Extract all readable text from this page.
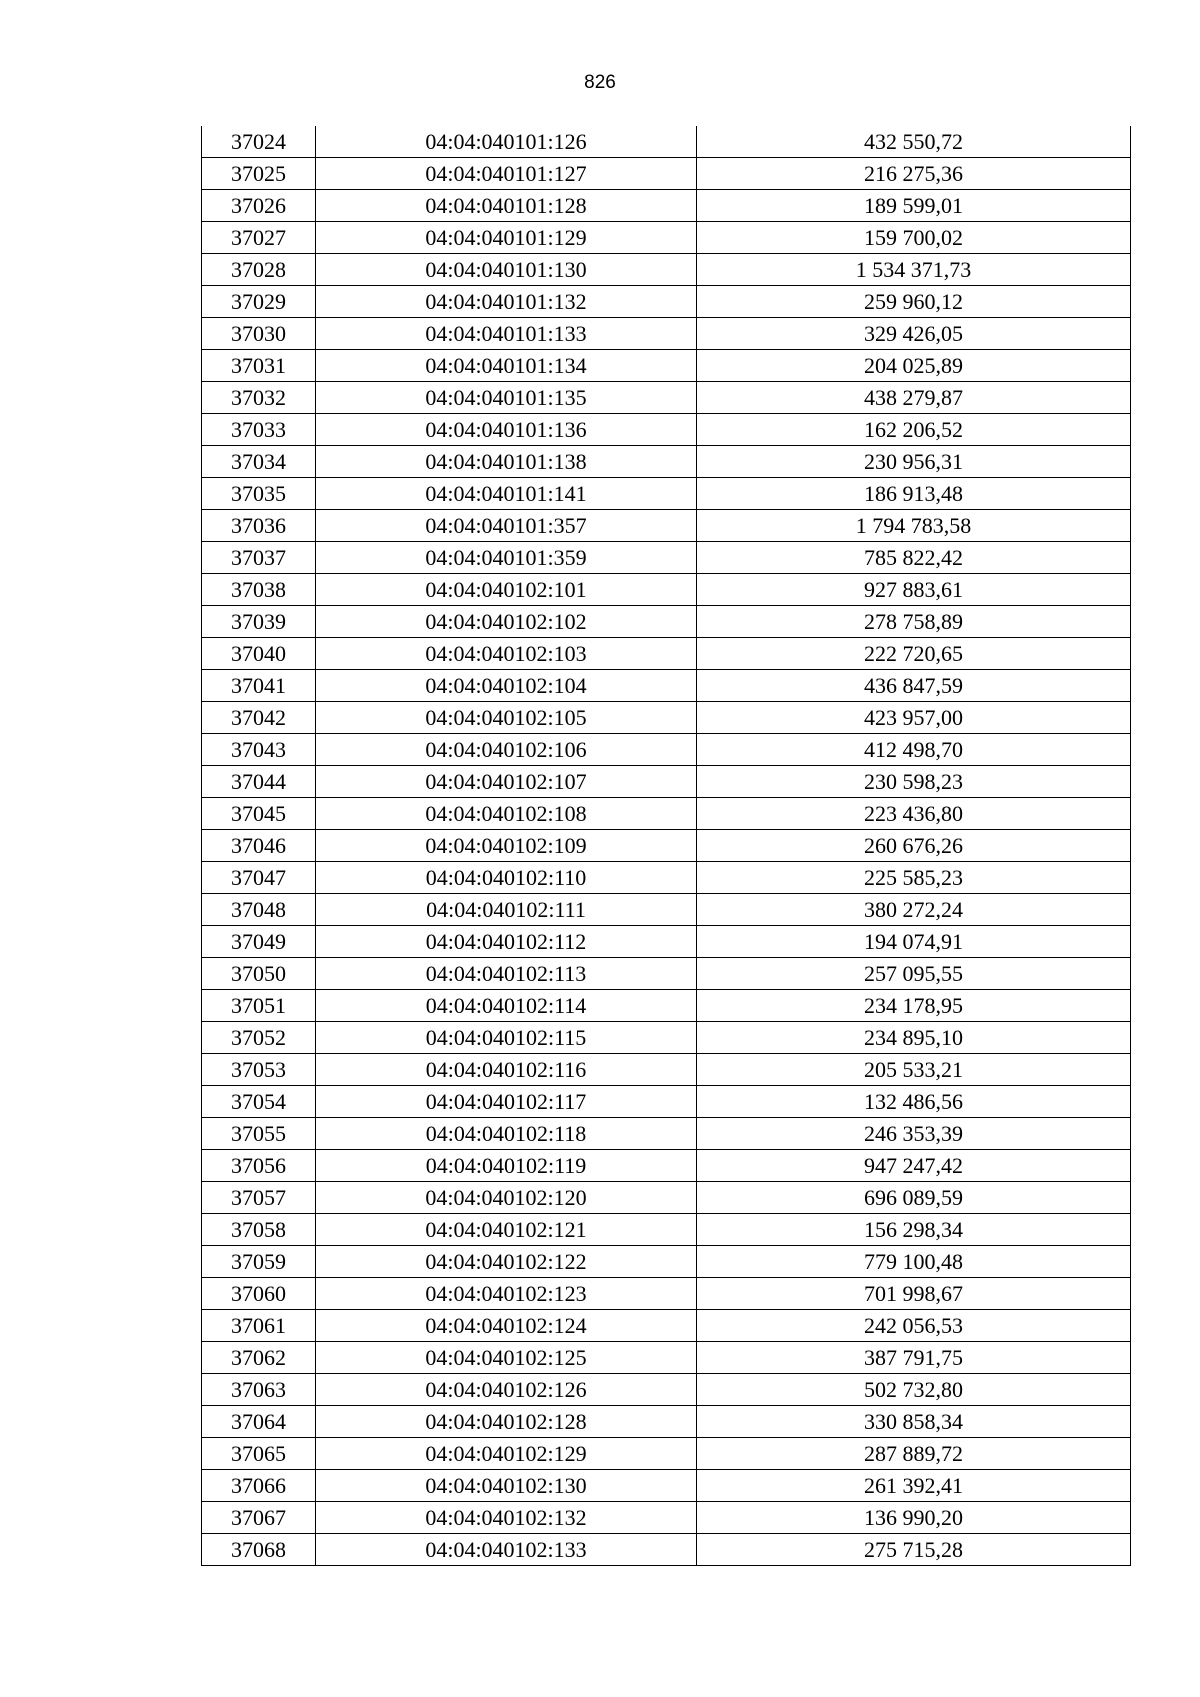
826
37024	04:04:040101:126	432 550,72
37025	04:04:040101:127	216 275,36
37026	04:04:040101:128	189 599,01
37027	04:04:040101:129	159 700,02
37028	04:04:040101:130	1 534 371,73
37029	04:04:040101:132	259 960,12
37030	04:04:040101:133	329 426,05
37031	04:04:040101:134	204 025,89
37032	04:04:040101:135	438 279,87
37033	04:04:040101:136	162 206,52
37034	04:04:040101:138	230 956,31
37035	04:04:040101:141	186 913,48
37036	04:04:040101:357	1 794 783,58
37037	04:04:040101:359	785 822,42
37038	04:04:040102:101	927 883,61
37039	04:04:040102:102	278 758,89
37040	04:04:040102:103	222 720,65
37041	04:04:040102:104	436 847,59
37042	04:04:040102:105	423 957,00
37043	04:04:040102:106	412 498,70
37044	04:04:040102:107	230 598,23
37045	04:04:040102:108	223 436,80
37046	04:04:040102:109	260 676,26
37047	04:04:040102:110	225 585,23
37048	04:04:040102:111	380 272,24
37049	04:04:040102:112	194 074,91
37050	04:04:040102:113	257 095,55
37051	04:04:040102:114	234 178,95
37052	04:04:040102:115	234 895,10
37053	04:04:040102:116	205 533,21
37054	04:04:040102:117	132 486,56
37055	04:04:040102:118	246 353,39
37056	04:04:040102:119	947 247,42
37057	04:04:040102:120	696 089,59
37058	04:04:040102:121	156 298,34
37059	04:04:040102:122	779 100,48
37060	04:04:040102:123	701 998,67
37061	04:04:040102:124	242 056,53
37062	04:04:040102:125	387 791,75
37063	04:04:040102:126	502 732,80
37064	04:04:040102:128	330 858,34
37065	04:04:040102:129	287 889,72
37066	04:04:040102:130	261 392,41
37067	04:04:040102:132	136 990,20
37068	04:04:040102:133	275 715,28
